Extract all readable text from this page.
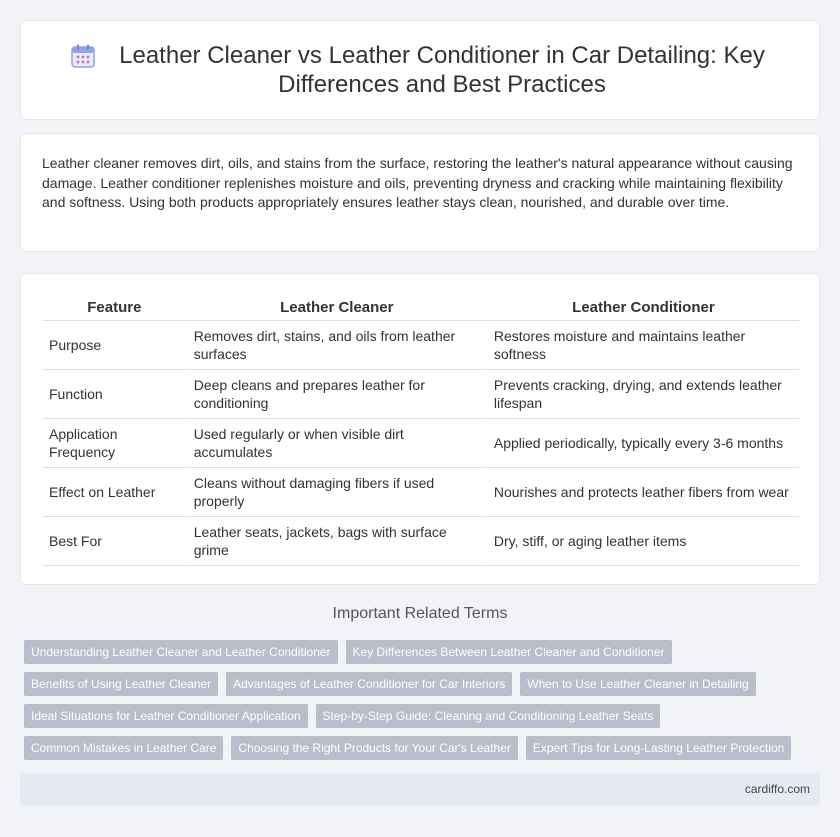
Leather Cleaner vs Leather Conditioner in Car Detailing: Key Differences and Best Practices

Leather cleaner removes dirt, oils, and stains from the surface, restoring the leather's natural appearance without causing damage. Leather conditioner replenishes moisture and oils, preventing dryness and cracking while maintaining flexibility and softness. Using both products appropriately ensures leather stays clean, nourished, and durable over time.

Feature	Leather Cleaner	Leather Conditioner
Purpose	Removes dirt, stains, and oils from leather surfaces	Restores moisture and maintains leather softness
Function	Deep cleans and prepares leather for conditioning	Prevents cracking, drying, and extends leather lifespan
Application Frequency	Used regularly or when visible dirt accumulates	Applied periodically, typically every 3-6 months
Effect on Leather	Cleans without damaging fibers if used properly	Nourishes and protects leather fibers from wear
Best For	Leather seats, jackets, bags with surface grime	Dry, stiff, or aging leather items
Important Related Terms
Understanding Leather Cleaner and Leather Conditioner	Key Differences Between Leather Cleaner and Conditioner
Benefits of Using Leather Cleaner	Advantages of Leather Conditioner for Car Interiors	When to Use Leather Cleaner in Detailing
Ideal Situations for Leather Conditioner Application	Step-by-Step Guide: Cleaning and Conditioning Leather Seats
Common Mistakes in Leather Care	Choosing the Right Products for Your Car's Leather	Expert Tips for Long-Lasting Leather Protection
cardiffo.com
